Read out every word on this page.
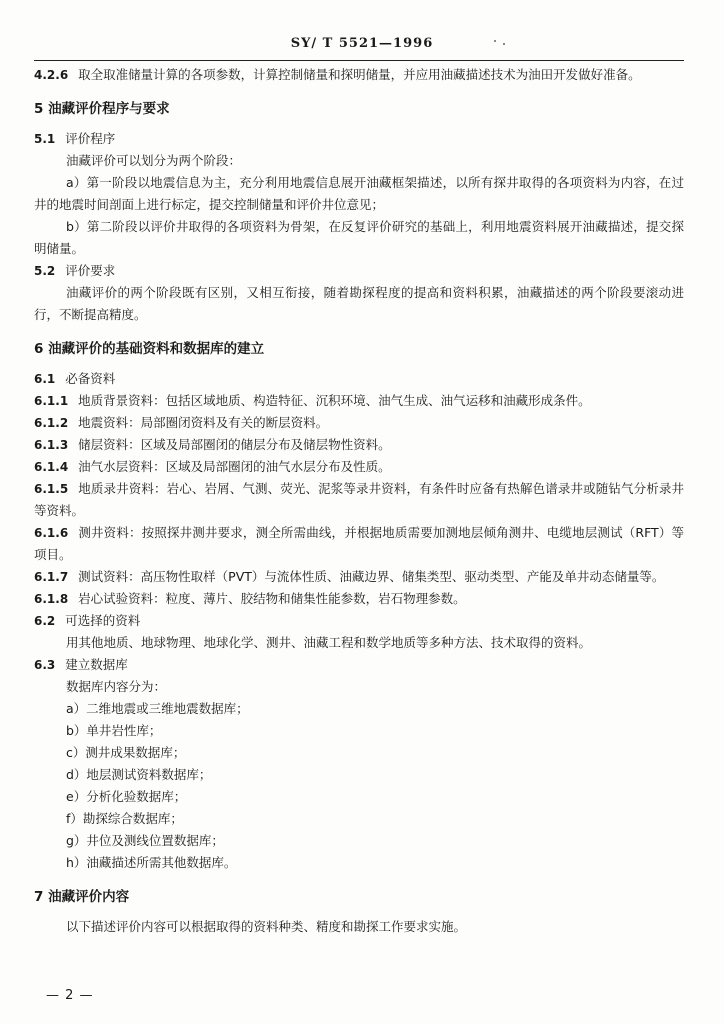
SY/ T 5521—1996

4.2.6 取全取准储量计算的各项参数，计算控制储量和探明储量，并应用油藏描述技术为油田开发做好准备。

5 油藏评价程序与要求

5.1 评价程序

油藏评价可以划分为两个阶段：

a）第一阶段以地震信息为主，充分利用地震信息展开油藏框架描述，以所有探井取得的各项资料为内容，在过井的地震时间剖面上进行标定，提交控制储量和评价井位意见；

b）第二阶段以评价井取得的各项资料为骨架，在反复评价研究的基础上，利用地震资料展开油藏描述，提交探明储量。

5.2 评价要求

油藏评价的两个阶段既有区别，又相互衔接，随着勘探程度的提高和资料积累，油藏描述的两个阶段要滚动进行，不断提高精度。

6 油藏评价的基础资料和数据库的建立

6.1 必备资料

6.1.1 地质背景资料：包括区域地质、构造特征、沉积环境、油气生成、油气运移和油藏形成条件。

6.1.2 地震资料：局部圈闭资料及有关的断层资料。

6.1.3 储层资料：区域及局部圈闭的储层分布及储层物性资料。

6.1.4 油气水层资料：区域及局部圈闭的油气水层分布及性质。

6.1.5 地质录井资料：岩心、岩屑、气测、荧光、泥浆等录井资料，有条件时应备有热解色谱录井或随钻气分析录井等资料。

6.1.6 测井资料：按照探井测井要求，测全所需曲线，并根据地质需要加测地层倾角测井、电缆地层测试（RFT）等项目。

6.1.7 测试资料：高压物性取样（PVT）与流体性质、油藏边界、储集类型、驱动类型、产能及单井动态储量等。

6.1.8 岩心试验资料：粒度、薄片、胶结物和储集性能参数，岩石物理参数。

6.2 可选择的资料

用其他地质、地球物理、地球化学、测井、油藏工程和数学地质等多种方法、技术取得的资料。

6.3 建立数据库

数据库内容分为：

a）二维地震或三维地震数据库；

b）单井岩性库；

c）测井成果数据库；

d）地层测试资料数据库；

e）分析化验数据库；

f）勘探综合数据库；

g）井位及测线位置数据库；

h）油藏描述所需其他数据库。

7 油藏评价内容

以下描述评价内容可以根据取得的资料种类、精度和勘探工作要求实施。

— 2 —
